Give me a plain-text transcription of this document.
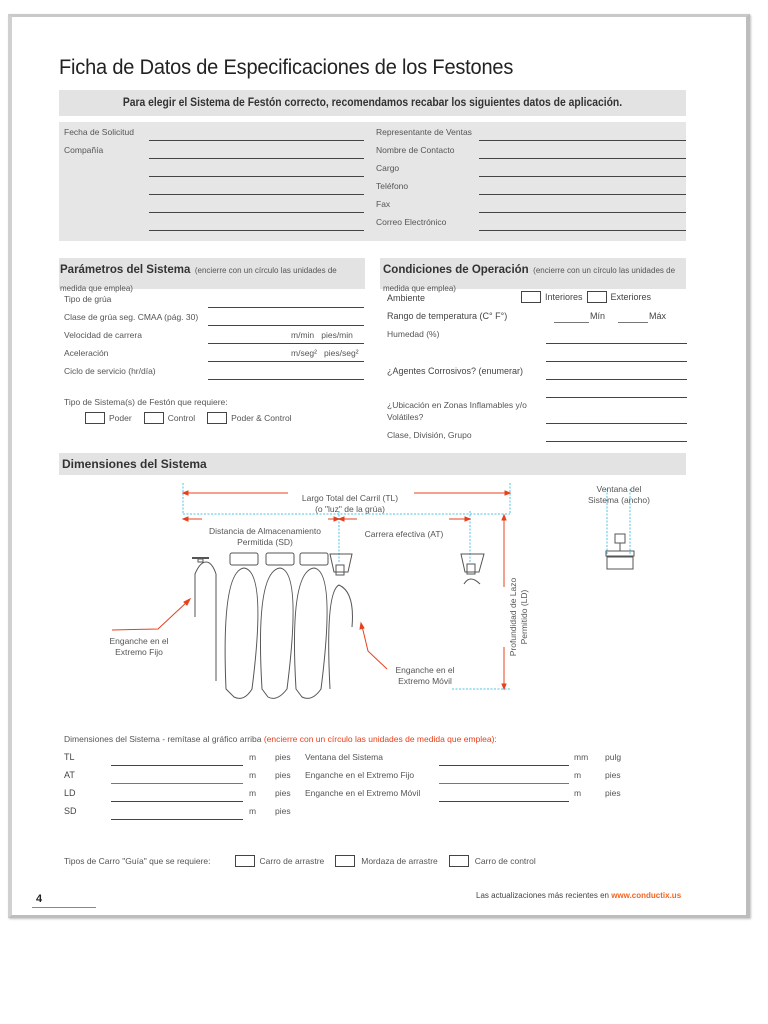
Ficha de Datos de Especificaciones de los Festones
Para elegir el Sistema de Festón correcto, recomendamos recabar los siguientes datos de aplicación.
Fecha de Solicitud
Compañía
Representante de Ventas
Nombre de Contacto
Cargo
Teléfono
Fax
Correo Electrónico
Parámetros del Sistema (encierre con un círculo las unidades de medida que emplea)
Tipo de grúa
Clase de grúa seg. CMAA (pág. 30)
Velocidad de carrera	m/min   pies/min
Aceleración	m/seg²   pies/seg²
Ciclo de servicio (hr/día)
Tipo de Sistema(s) de Festón que requiere:
Poder	Control	Poder & Control
Condiciones de Operación (encierre con un círculo las unidades de medida que emplea)
Ambiente	Interiores	Exteriores
Rango de temperatura (C° F°)	Mín	Máx
Humedad (%)
¿Agentes Corrosivos? (enumerar)
¿Ubicación en Zonas Inflamables y/o Volátiles?
Clase, División, Grupo
Dimensiones del Sistema
Largo Total del Carril (TL)
(o "luz" de la grúa)
Distancia de Almacenamiento
Permitida (SD)
Carrera efectiva (AT)
Ventana del
Sistema (ancho)
Enganche en el
Extremo Fijo
Enganche en el
Extremo Móvil
Profundidad de Lazo Permitido (LD)
Dimensiones del Sistema - remítase al gráfico arriba (encierre con un círculo las unidades de medida que emplea):
TL	m pies
AT	m pies
LD	m pies
SD	m pies
Ventana del Sistema	mm pulg
Enganche en el Extremo Fijo	m	pies
Enganche en el Extremo Móvil	m	pies
Tipos de Carro "Guía" que se requiere:	Carro de arrastre	Mordaza de arrastre	Carro de control
4	Las actualizaciones más recientes en www.conductix.us
